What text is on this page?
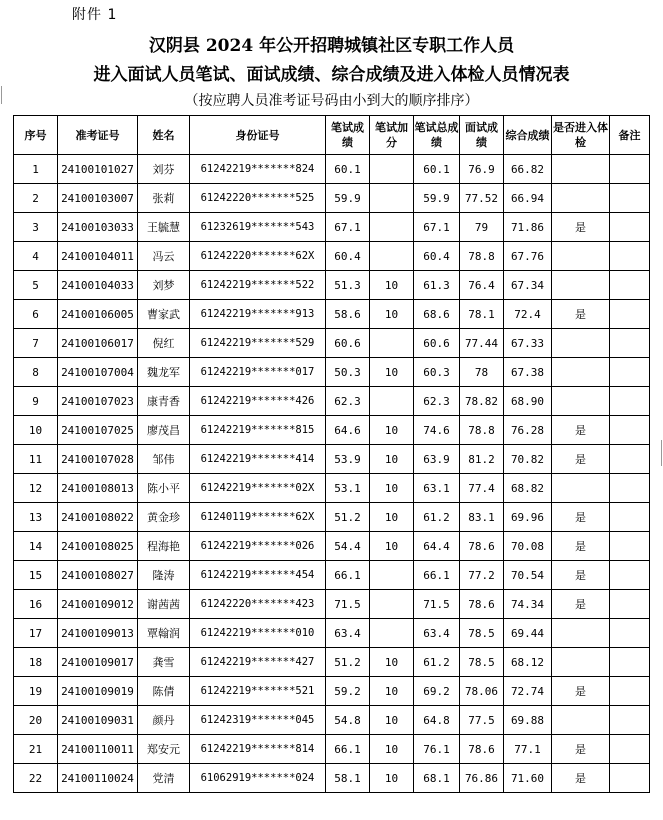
附件 1
汉阴县 2024 年公开招聘城镇社区专职工作人员
进入面试人员笔试、面试成绩、综合成绩及进入体检人员情况表
（按应聘人员准考证号码由小到大的顺序排序）
序号	准考证号	姓名	身份证号	笔试成绩	笔试加分	笔试总成绩	面试成绩	综合成绩	是否进入体检	备注
1	24100101027	刘芬	61242219*******824	60.1		60.1	76.9	66.82		
2	24100103007	张莉	61242220*******525	59.9		59.9	77.52	66.94		
3	24100103033	王毓慧	61232619*******543	67.1		67.1	79	71.86	是	
4	24100104011	冯云	61242220*******62X	60.4		60.4	78.8	67.76		
5	24100104033	刘梦	61242219*******522	51.3	10	61.3	76.4	67.34		
6	24100106005	曹家武	61242219*******913	58.6	10	68.6	78.1	72.4	是	
7	24100106017	倪红	61242219*******529	60.6		60.6	77.44	67.33		
8	24100107004	魏龙军	61242219*******017	50.3	10	60.3	78	67.38		
9	24100107023	康青香	61242219*******426	62.3		62.3	78.82	68.90		
10	24100107025	廖茂昌	61242219*******815	64.6	10	74.6	78.8	76.28	是	
11	24100107028	邹伟	61242219*******414	53.9	10	63.9	81.2	70.82	是	
12	24100108013	陈小平	61242219*******02X	53.1	10	63.1	77.4	68.82		
13	24100108022	黄金珍	61240119*******62X	51.2	10	61.2	83.1	69.96	是	
14	24100108025	程海艳	61242219*******026	54.4	10	64.4	78.6	70.08	是	
15	24100108027	隆涛	61242219*******454	66.1		66.1	77.2	70.54	是	
16	24100109012	谢茜茜	61242220*******423	71.5		71.5	78.6	74.34	是	
17	24100109013	覃翰润	61242219*******010	63.4		63.4	78.5	69.44		
18	24100109017	龚雪	61242219*******427	51.2	10	61.2	78.5	68.12		
19	24100109019	陈倩	61242219*******521	59.2	10	69.2	78.06	72.74	是	
20	24100109031	颜丹	61242319*******045	54.8	10	64.8	77.5	69.88		
21	24100110011	郑安元	61242219*******814	66.1	10	76.1	78.6	77.1	是	
22	24100110024	党清	61062919*******024	58.1	10	68.1	76.86	71.60	是	
